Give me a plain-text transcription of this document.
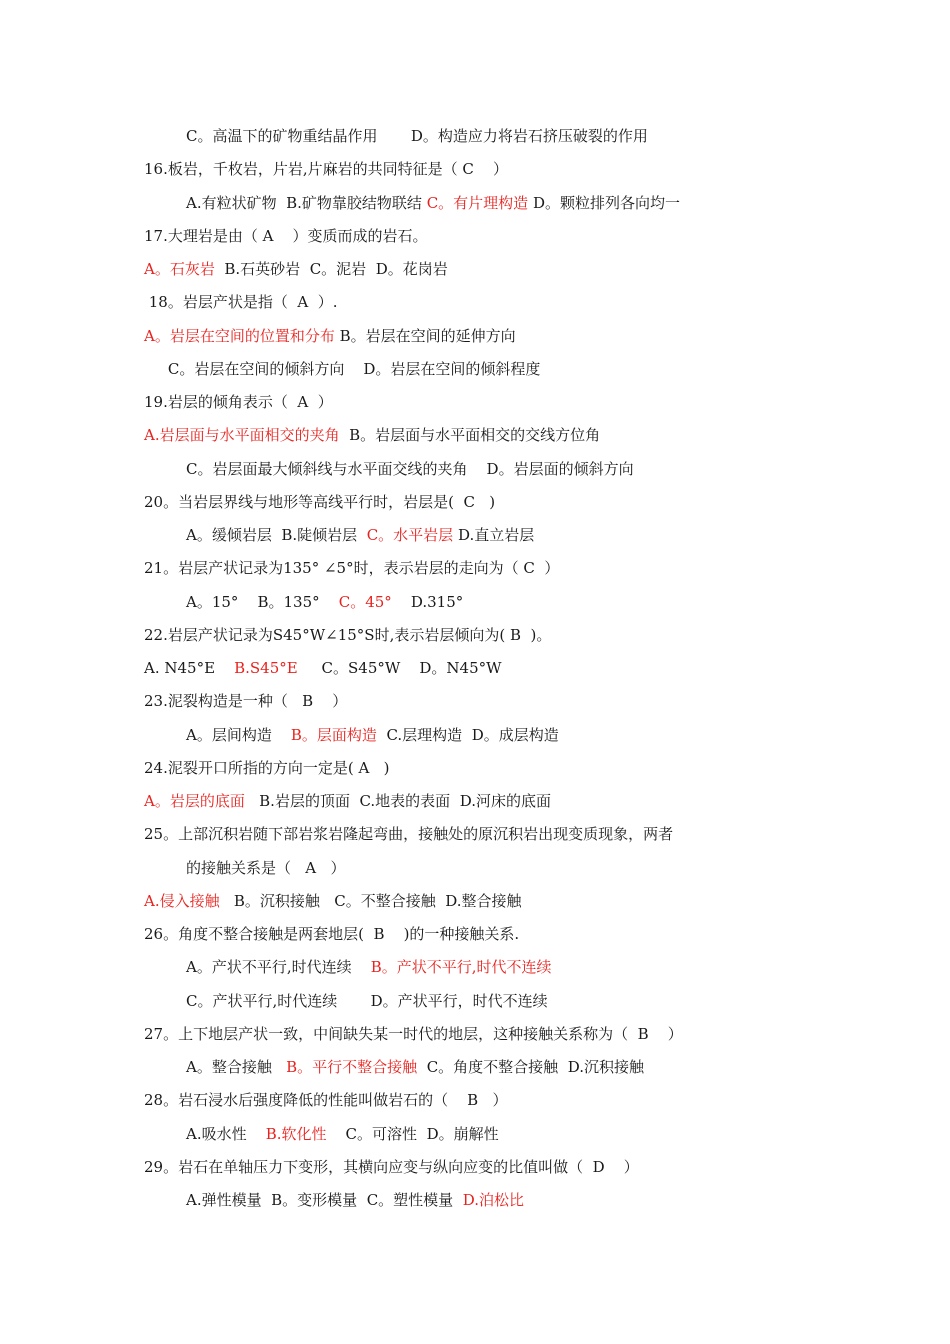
C。高温下的矿物重结晶作用       D。构造应力将岩石挤压破裂的作用
16.板岩，千枚岩，片岩,片麻岩的共同特征是（ C    ）
A.有粒状矿物  B.矿物靠胶结物联结 C。有片理构造 D。颗粒排列各向均一
17.大理岩是由（ A    ）变质而成的岩石。
A。石灰岩  B.石英砂岩  C。泥岩  D。花岗岩
18。岩层产状是指（  A  ）.
A。岩层在空间的位置和分布 B。岩层在空间的延伸方向
C。岩层在空间的倾斜方向    D。岩层在空间的倾斜程度
19.岩层的倾角表示（  A  ）
A.岩层面与水平面相交的夹角  B。岩层面与水平面相交的交线方位角
C。岩层面最大倾斜线与水平面交线的夹角    D。岩层面的倾斜方向
20。当岩层界线与地形等高线平行时，岩层是(  C   )
A。缓倾岩层  B.陡倾岩层  C。水平岩层 D.直立岩层
21。岩层产状记录为135° ∠5°时，表示岩层的走向为（ C  ）
A。15°    B。135°    C。45°    D.315°
22.岩层产状记录为S45°W∠15°S时,表示岩层倾向为( B  )。
A. N45°E    B.S45°E     C。S45°W    D。N45°W
23.泥裂构造是一种（   B    ）
A。层间构造    B。层面构造  C.层理构造  D。成层构造
24.泥裂开口所指的方向一定是( A   )
A。岩层的底面   B.岩层的顶面  C.地表的表面  D.河床的底面
25。上部沉积岩随下部岩浆岩隆起弯曲，接触处的原沉积岩出现变质现象，两者
的接触关系是（   A   ）
A.侵入接触   B。沉积接触   C。不整合接触  D.整合接触
26。角度不整合接触是两套地层(  B    )的一种接触关系.
A。产状不平行,时代连续    B。产状不平行,时代不连续
C。产状平行,时代连续       D。产状平行，时代不连续
27。上下地层产状一致，中间缺失某一时代的地层，这种接触关系称为（  B    ）
A。整合接触   B。平行不整合接触  C。角度不整合接触  D.沉积接触
28。岩石浸水后强度降低的性能叫做岩石的（    B   ）
A.吸水性    B.软化性    C。可溶性  D。崩解性
29。岩石在单轴压力下变形，其横向应变与纵向应变的比值叫做（  D    ）
A.弹性模量  B。变形模量  C。塑性模量  D.泊松比
